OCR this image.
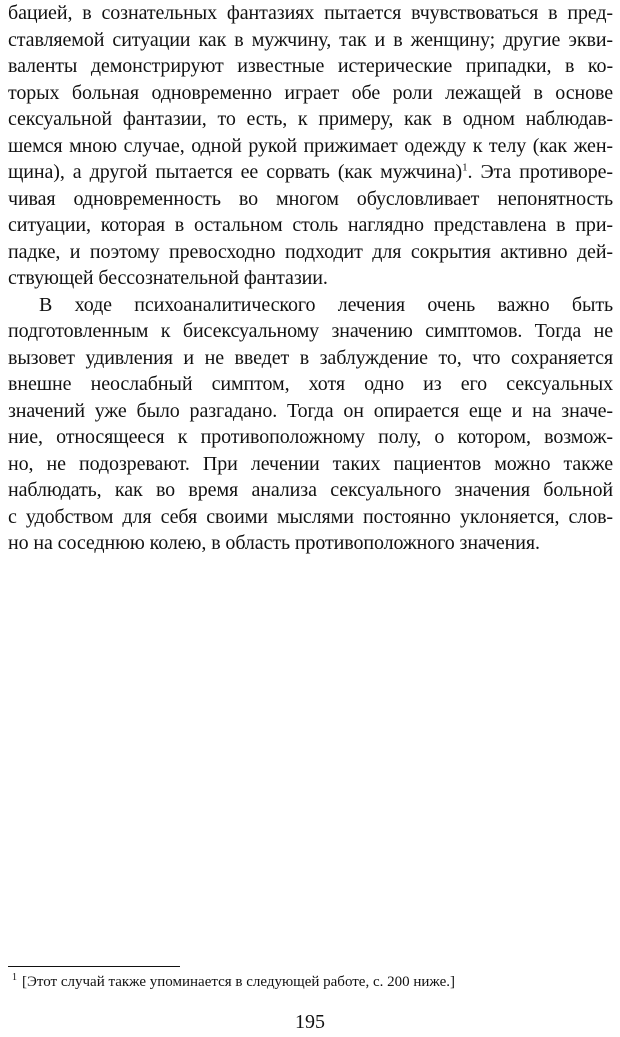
бацией, в сознательных фантазиях пытается вчувствоваться в пред-
ставляемой ситуации как в мужчину, так и в женщину; другие экви-
валенты демонстрируют известные истерические припадки, в ко-
торых больная одновременно играет обе роли лежащей в основе
сексуальной фантазии, то есть, к примеру, как в одном наблюдав-
шемся мною случае, одной рукой прижимает одежду к телу (как жен-
щина), а другой пытается ее сорвать (как мужчина)$^1$. Эта противоре-
чивая одновременность во многом обусловливает непонятность
ситуации, которая в остальном столь наглядно представлена в при-
падке, и поэтому превосходно подходит для сокрытия активно дей-
ствующей бессознательной фантазии.
В ходе психоаналитического лечения очень важно быть
подготовленным к бисексуальному значению симптомов. Тогда не
вызовет удивления и не введет в заблуждение то, что сохраняется
внешне неослабный симптом, хотя одно из его сексуальных
значений уже было разгадано. Тогда он опирается еще и на значе-
ние, относящееся к противоположному полу, о котором, возмож-
но, не подозревают. При лечении таких пациентов можно также
наблюдать, как во время анализа сексуального значения больной
с удобством для себя своими мыслями постоянно уклоняется, слов-
но на соседнюю колею, в область противоположного значения.
$^1$ [Этот случай также упоминается в следующей работе, с. 200 ниже.]
195
